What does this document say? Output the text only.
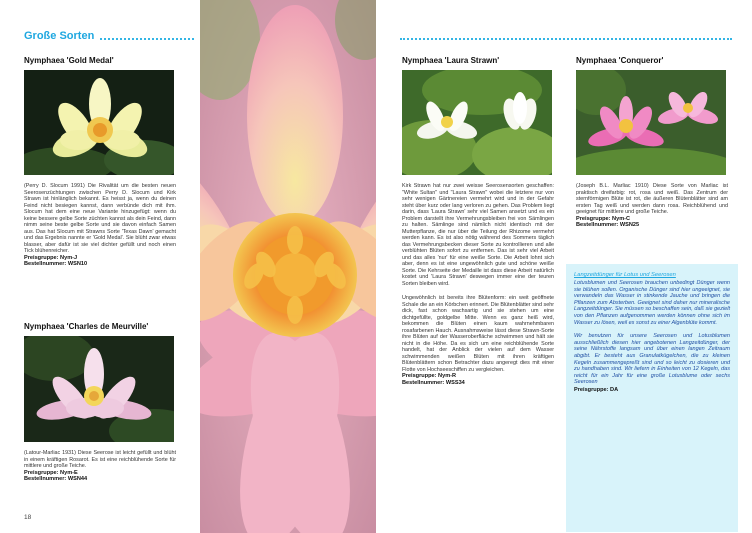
Große Sorten
Nymphaea 'Gold Medal'
(Perry D. Slocum 1991) Die Rivalität um die besten neuen Seerosenzüchtungen zwischen Perry D. Slocum und Kirk Strawn ist hinlänglich bekannt. Es heisst ja, wenn du deinen Feind nicht besiegen kannst, dann verbünde dich mit ihm. Slocum hat dem eine neue Variante hinzugefügt: wenn du keine bessere gelbe Sorte züchten kannst als dein Feind, dann nimm seine beste gelbe Sorte und sie davon einfach Samen aus. Das hat Slocum mit Strawns Sorte 'Texas Dawn' gemacht und das Ergebnis nannte er 'Gold Medal'. Sie blüht zwar etwas blasser, aber dafür ist sie viel dichter gefüllt und noch einen Tick blühenreicher.
Preisgruppe: Nym-J
Bestellnummer: WSN10
Nymphaea 'Charles de Meurville'
(Latour-Marliac 1931) Diese Seerose ist leicht gefüllt und blüht in einem kräftigen Rosarot. Es ist eine reichblühende Sorte für mittlere und große Teiche.
Preisgruppe: Nym-E
Bestellnummer: WSN44
18
Nymphaea 'Laura Strawn'
Kirk Strawn hat nur zwei weisse Seerosensorten geschaffen: "White Sultan" und "Laura Strawn" wobei die letztere nur von sehr wenigen Gärtnereien vermehrt wird und in der Gefahr steht über kurz oder lang verloren zu gehen. Das Problem liegt darin, dass 'Laura Strawn' sehr viel Samen ansetzt und es ein Problem darstellt ihre Vermehrungsbleiben frei von Sämlingen zu halten. Sämlinge sind nämlich nicht identisch mit der Mutterpflanze, die nur über die Teilung der Rhizome vermehrt werden kann. Es ist also nötig während des Sommers täglich das Vermehrungsbecken dieser Sorte zu kontrollieren und alle verblühten Blüten sofort zu entfernen. Das ist sehr viel Arbeit und das alles 'nur' für eine weiße Sorte. Die Arbeit lohnt sich aber, denn es ist eine ungewöhnlich gute und schöne weiße Sorte. Die Kehrseite der Medaille ist dass diese Arbeit natürlich kostet und 'Laura Strawn' deswegen immer eine der teuren Sorten bleiben wird.
Ungewöhnlich ist bereits ihre Blütenform: ein weit geöffnete Schale die an ein Körbchen erinnert. Die Blütenblätter sind sehr dick, fast schon wachsartig und sie stehen um eine dichtgefüllte, goldgelbe Mitte. Wenn es ganz heiß wird, bekommen die Blüten einen kaum wahrnehmbaren rosafarbenen Hauch. Ausnahmsweise lässt diese Strawn-Sorte ihre Blüten auf der Wasseroberfläche schwimmen und hält sie nicht in die Höhe. Da es sich um eine reichblühende Sorte handelt, hat der Anblick der vielen auf dem Wasser schwimmenden weißen Blüten mit ihren kräftigen Blütenblättern schon Betrachter dazu angeregt dies mit einer Flotte von Hochseeschiffen zu vergleichen.
Preisgruppe: Nym-R
Bestellnummer: WSS34
Nymphaea 'Conqueror'
(Joseph B.L. Marliac 1910) Diese Sorte von Marliac ist praktisch dreifarbig: rot, rosa und weiß. Das Zentrum der sternförmigen Blüte ist rot, die äußeren Blütenblätter sind am ersten Tag weiß und werden dann rosa. Reichblühend und geeignet für mittlere und große Teiche.
Preisgruppe: Nym-C
Bestellnummer: WSN25
Langzeitdünger für Lotus und Seerosen
Lotusblumen und Seerosen brauchen unbedingt Dünger wenn sie blühen sollen. Organische Dünger sind hier ungeeignet, sie verwandeln das Wasser in stinkende Jauche und bringen die Pflanzen zum Absterben. Geeignet sind daher nur mineralische Langzeitdünger. Sie müssen so beschaffen sein, daß sie gezielt von den Pflanzen aufgenommen werden können ohne sich im Wasser zu lösen, weil es sonst zu einer Algenblüte kommt.
Wir benutzen für unsere Seerosen und Lotusblumen ausschließlich diesen hier angebotenen Langzeitdünger, der seine Nährstoffe langsam und über einen langen Zeitraum abgibt. Er besteht aus Granulatkügelchen, die zu kleinen Kegeln zusammengepreßt sind und so leicht zu dosieren und zu handhaben sind. Wir liefern in Einheiten von 12 Kegeln, das reicht für ein Jahr für eine große Lotusblume oder sechs Seerosen
Preisgruppe: DA
